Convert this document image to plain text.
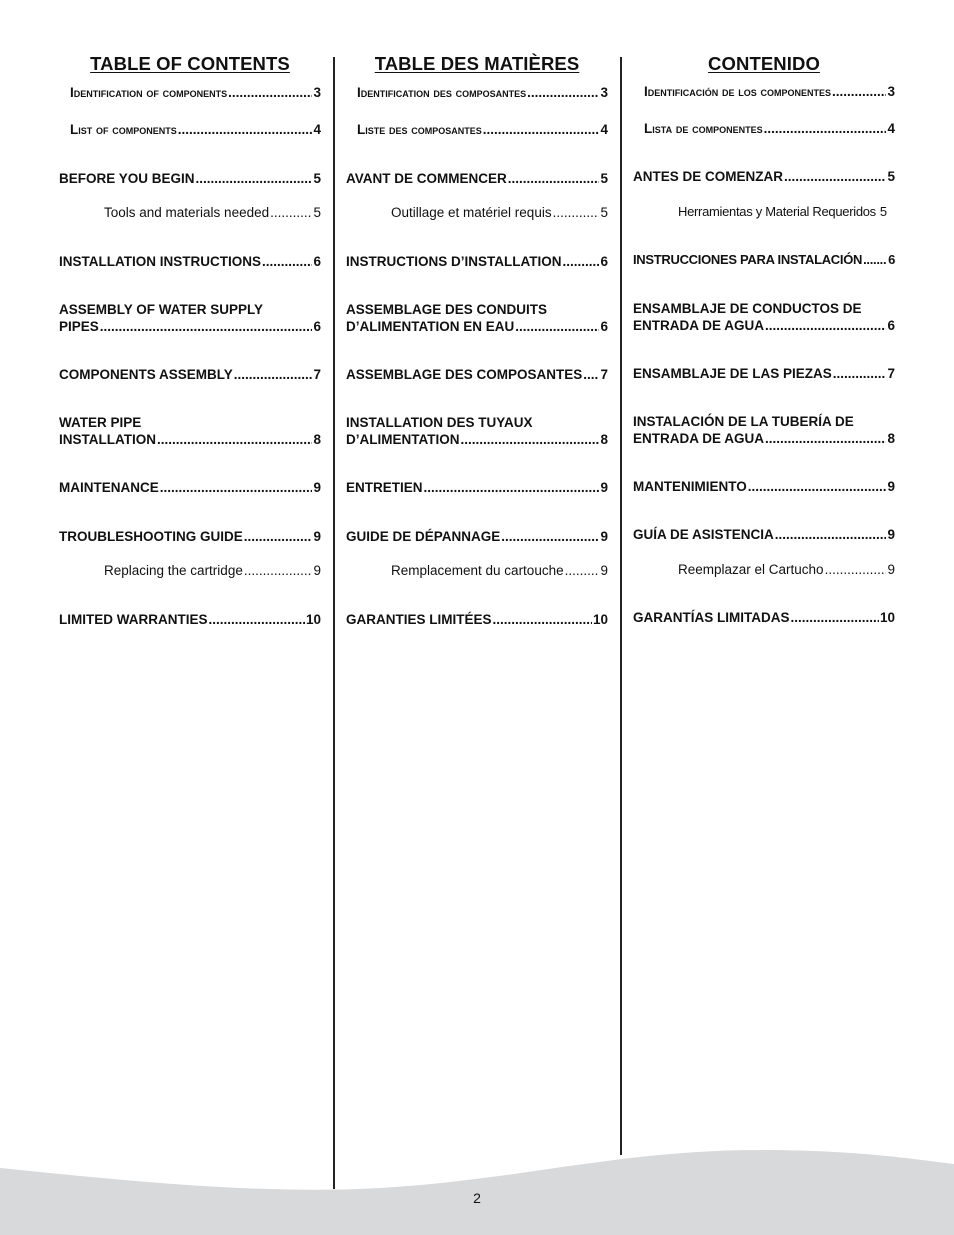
TABLE OF CONTENTS
Identification of components .....	3
List of components .....	4
BEFORE YOU BEGIN .....	5
Tools and materials needed .....	5
INSTALLATION INSTRUCTIONS .....	6
ASSEMBLY OF WATER SUPPLY
PIPES .....	6
COMPONENTS ASSEMBLY .....	7
WATER PIPE
INSTALLATION .....	8
MAINTENANCE .....	9
TROUBLESHOOTING GUIDE .....	9
Replacing the cartridge .....	9
LIMITED WARRANTIES .....	10
TABLE DES MATIÈRES
Identification des composantes .....	3
Liste des composantes .....	4
AVANT DE COMMENCER .....	5
Outillage et matériel requis .....	5
INSTRUCTIONS D’INSTALLATION .....	6
ASSEMBLAGE DES CONDUITS
D’ALIMENTATION EN EAU .....	6
ASSEMBLAGE DES COMPOSANTES ..... 7
INSTALLATION DES TUYAUX
D’ALIMENTATION .....	8
ENTRETIEN .....	9
GUIDE DE DÉPANNAGE .....	9
Remplacement du cartouche .....	9
GARANTIES LIMITÉES .....	10
CONTENIDO
Identificación de los componentes .....	3
Lista de componentes .....	4
ANTES DE COMENZAR .....	5
Herramientas y Material Requeridos 5
INSTRUCCIONES PARA INSTALACIÓN ..... 6
ENSAMBLAJE DE CONDUCTOS DE
ENTRADA DE AGUA .....	6
ENSAMBLAJE DE LAS PIEZAS .....	7
INSTALACIÓN DE LA TUBERÍA DE
ENTRADA DE AGUA .....	8
MANTENIMIENTO .....	9
GUÍA DE ASISTENCIA .....	9
Reemplazar el Cartucho .....	9
GARANTÍAS LIMITADAS .....	10
2
